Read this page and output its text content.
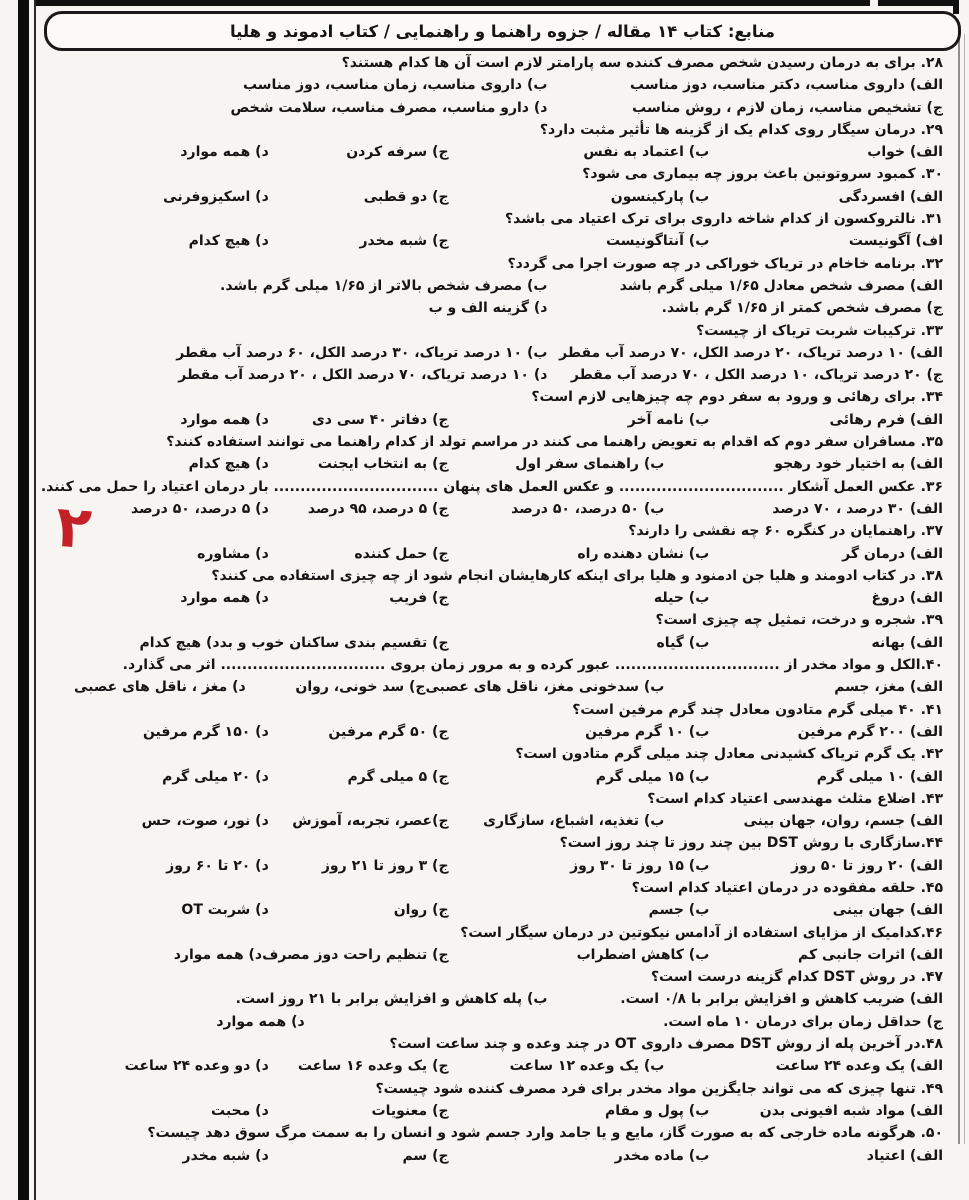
منابع: کتاب ۱۴ مقاله / جزوه راهنما و راهنمایی / کتاب ادموند و هلیا
۲
۲۸. برای به درمان رسیدن شخص مصرف کننده سه پارامتر لازم است آن ها کدام هستند؟
الف) داروی مناسب، دکتر مناسب، دوز مناسب
ب) داروی مناسب، زمان مناسب، دوز مناسب
ج) تشخیص مناسب، زمان لازم ، روش مناسب
د) دارو مناسب، مصرف مناسب، سلامت شخص
۲۹. درمان سیگار روی کدام یک از گزینه ها تأثیر مثبت دارد؟
الف) خواب
ب) اعتماد به نفس
ج) سرفه کردن
د) همه موارد
۳۰. کمبود سروتونین باعث بروز چه بیماری می شود؟
الف) افسردگی
ب) پارکینسون
ج) دو قطبی
د) اسکیزوفرنی
۳۱. نالتروکسون از کدام شاخه داروی برای ترک اعتیاد می باشد؟
اف) آگونیست
ب) آنتاگونیست
ج) شبه مخدر
د) هیچ کدام
۳۲. برنامه خاخام در تریاک خوراکی در چه صورت اجرا می گردد؟
الف) مصرف شخص معادل ۱/۶۵ میلی گرم باشد
ب) مصرف شخص بالاتر از ۱/۶۵ میلی گرم باشد.
ج) مصرف شخص کمتر از ۱/۶۵ گرم باشد.
د) گزینه الف و ب
۳۳. ترکیبات شربت تریاک از چیست؟
الف) ۱۰ درصد تریاک، ۲۰ درصد الکل، ۷۰ درصد آب مقطر
ب) ۱۰ درصد تریاک، ۳۰ درصد الکل، ۶۰ درصد آب مقطر
ج) ۲۰ درصد تریاک، ۱۰ درصد الکل ، ۷۰ درصد آب مقطر
د) ۱۰ درصد تریاک، ۷۰ درصد الکل ، ۲۰ درصد آب مقطر
۳۴. برای رهائی و ورود به سفر دوم چه چیزهایی لازم است؟
الف) فرم رهائی
ب) نامه آخر
ج) دفاتر ۴۰ سی دی
د) همه موارد
۳۵. مسافران سفر دوم که اقدام به تعویض راهنما می کنند در مراسم تولد از کدام راهنما می توانند استفاده کنند؟
الف) به اختیار خود رهجو
ب) راهنمای سفر اول
ج) به انتخاب ایجنت
د) هیچ کدام
۳۶. عکس العمل آشکار ............................... و عکس العمل های پنهان ............................... بار درمان اعتیاد را حمل می کنند.
الف) ۳۰ درصد ، ۷۰ درصد
ب) ۵۰ درصد، ۵۰ درصد
ج) ۵ درصد، ۹۵ درصد
د) ۵ درصد، ۵۰ درصد
۳۷. راهنمایان در کنگره ۶۰ چه نقشی را دارند؟
الف) درمان گر
ب) نشان دهنده راه
ج) حمل کننده
د) مشاوره
۳۸. در کتاب ادومند و هلیا جن ادمنود و هلیا برای اینکه کارهایشان انجام شود از چه چیزی استفاده می کنند؟
الف) دروغ
ب) حیله
ج) فریب
د) همه موارد
۳۹. شجره و درخت، تمثیل چه چیزی است؟
الف) بهانه
ب) گیاه
ج) تقسیم بندی ساکنان خوب و بد
د) هیچ کدام
۴۰.الکل و مواد مخدر از ............................... عبور کرده و به مرور زمان بروی ............................... اثر می گذارد.
الف) مغز، جسم
ب) سدخونی مغز، ناقل های عصبی
ج) سد خونی، روان
د) مغز ، ناقل های عصبی
۴۱. ۴۰ میلی گرم متادون معادل چند گرم مرفین است؟
الف) ۲۰۰ گرم مرفین
ب) ۱۰ گرم مرفین
ج) ۵۰ گرم مرفین
د) ۱۵۰ گرم مرفین
۴۲. یک گرم تریاک کشیدنی معادل چند میلی گرم متادون است؟
الف) ۱۰ میلی گرم
ب) ۱۵ میلی گرم
ج) ۵ میلی گرم
د) ۲۰ میلی گرم
۴۳. اضلاع مثلث مهندسی اعتیاد کدام است؟
الف) جسم، روان، جهان بینی
ب) تغذیه، اشباع، سازگاری
ج)عصر، تجربه، آموزش
د) نور، صوت، حس
۴۴.سازگاری با روش DST بین چند روز تا چند روز است؟
الف) ۲۰ روز تا ۵۰ روز
ب) ۱۵ روز تا ۳۰ روز
ج) ۳ روز تا ۲۱ روز
د) ۲۰ تا ۶۰ روز
۴۵. حلقه مفقوده در درمان اعتیاد کدام است؟
الف) جهان بینی
ب) جسم
ج) روان
د) شربت OT
۴۶.کدامیک از مزایای استفاده از آدامس نیکوتین در درمان سیگار است؟
الف) اثرات جانبی کم
ب) کاهش اضطراب
ج) تنظیم راحت دوز مصرف
د) همه موارد
۴۷. در روش DST کدام گزینه درست است؟
الف) ضریب کاهش و افزایش برابر با ۰/۸ است.
ب) پله کاهش و افزایش برابر با ۲۱ روز است.
ج) حداقل زمان برای درمان ۱۰ ماه است.
د) همه موارد
۴۸.در آخرین پله از روش DST مصرف داروی OT در چند وعده و چند ساعت است؟
الف) یک وعده ۲۴ ساعت
ب) یک وعده ۱۲ ساعت
ج) یک وعده ۱۶ ساعت
د) دو وعده ۲۴ ساعت
۴۹. تنها چیزی که می تواند جایگزین مواد مخدر برای فرد مصرف کننده شود چیست؟
الف) مواد شبه افیونی بدن
ب) پول و مقام
ج) معنویات
د) محبت
۵۰. هرگونه ماده خارجی که به صورت گاز، مایع و یا جامد وارد جسم شود و انسان را به سمت مرگ سوق دهد چیست؟
الف) اعتیاد
ب) ماده مخدر
ج) سم
د) شبه مخدر
